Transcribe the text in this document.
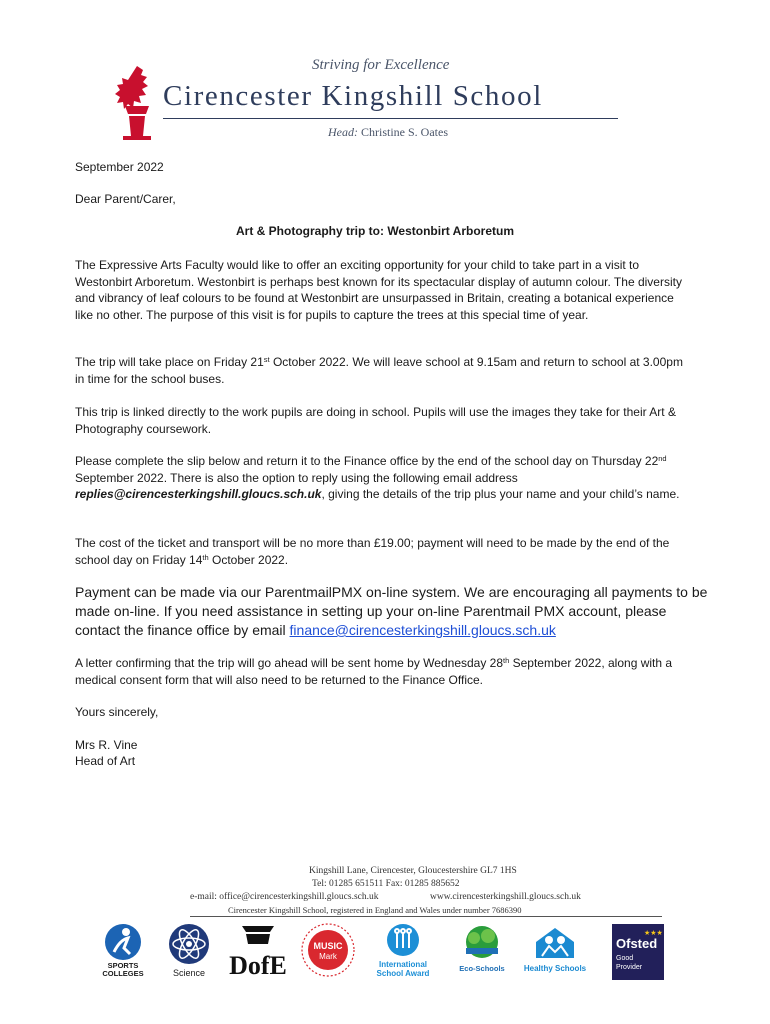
Striving for Excellence
Cirencester Kingshill School
Head: Christine S. Oates

September 2022

Dear Parent/Carer,

Art & Photography trip to: Westonbirt Arboretum

The Expressive Arts Faculty would like to offer an exciting opportunity for your child to take part in a visit to Westonbirt Arboretum. Westonbirt is perhaps best known for its spectacular display of autumn colour. The diversity and vibrancy of leaf colours to be found at Westonbirt are unsurpassed in Britain, creating a botanical experience like no other. The purpose of this visit is for pupils to capture the trees at this special time of year.

The trip will take place on Friday 21st October 2022. We will leave school at 9.15am and return to school at 3.00pm in time for the school buses.

This trip is linked directly to the work pupils are doing in school. Pupils will use the images they take for their Art & Photography coursework.

Please complete the slip below and return it to the Finance office by the end of the school day on Thursday 22nd September 2022. There is also the option to reply using the following email address replies@cirencesterkingshill.gloucs.sch.uk, giving the details of the trip plus your name and your child’s name.

The cost of the ticket and transport will be no more than £19.00; payment will need to be made by the end of the school day on Friday 14th October 2022.

Payment can be made via our ParentmailPMX on-line system. We are encouraging all payments to be made on-line. If you need assistance in setting up your on-line Parentmail PMX account, please contact the finance office by email finance@cirencesterkingshill.gloucs.sch.uk

A letter confirming that the trip will go ahead will be sent home by Wednesday 28th September 2022, along with a medical consent form that will also need to be returned to the Finance Office.

Yours sincerely,

Mrs R. Vine

Head of Art

Kingshill Lane, Cirencester, Gloucestershire GL7 1HS
Tel: 01285 651511 Fax: 01285 885652
e-mail: office@cirencesterkingshill.gloucs.sch.uk	www.cirencesterkingshill.gloucs.sch.uk
Cirencester Kingshill School, registered in England and Wales under number 7686390
SPORTS
COLLEGES	Science DofE
MUSIC
Mark
International
School Award
Eco-Schools	Healthy Schools
★★★
Ofsted
Good
Provider
